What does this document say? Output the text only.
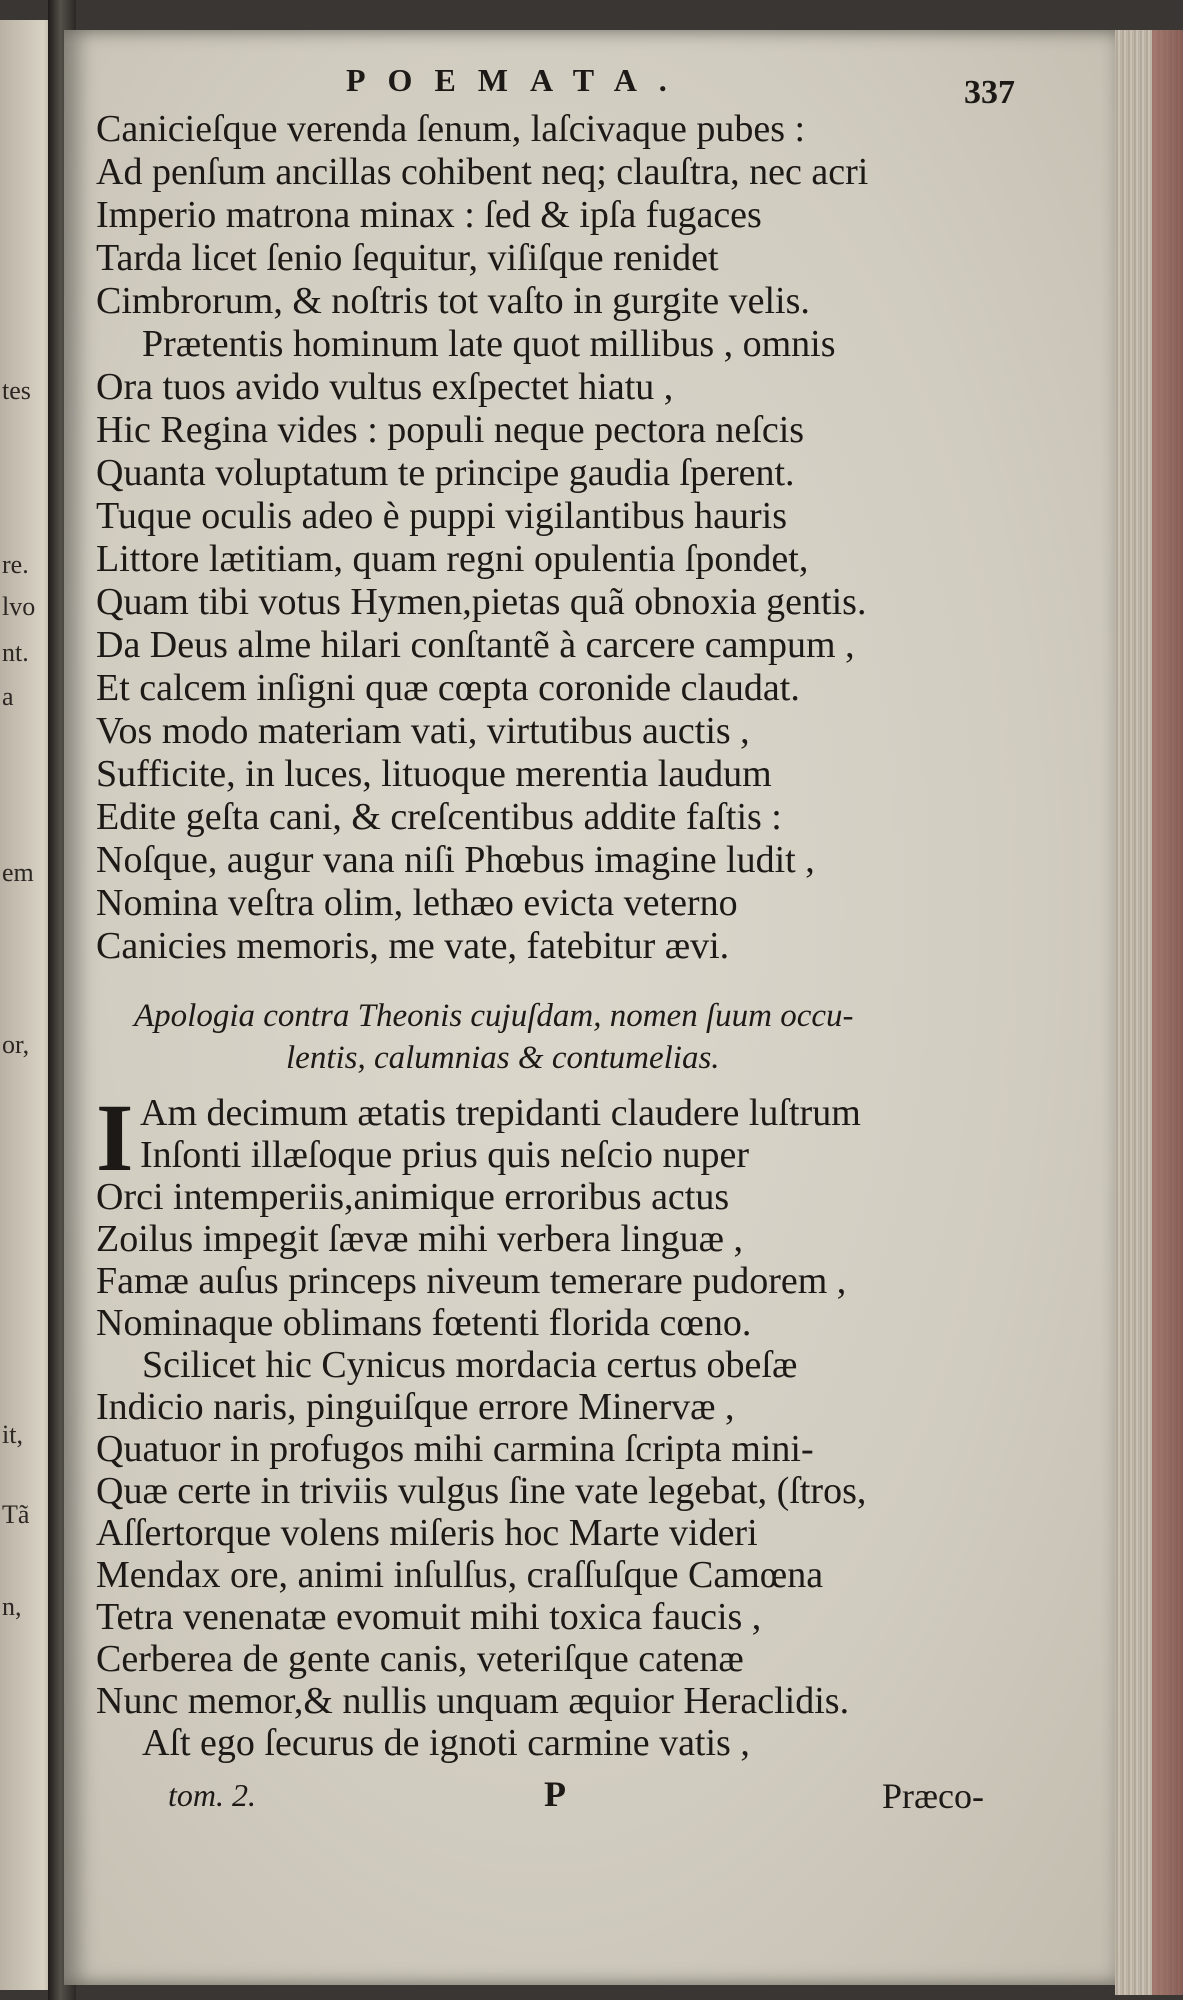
tes
re.
lvo
nt.
a
em
or,
it,
Tã
n,
POEMATA.	337
Canicieſque verenda ſenum, laſcivaque pubes :
Ad penſum ancillas cohibent neq; clauſtra, nec acri
Imperio matrona minax : ſed & ipſa fugaces
Tarda licet ſenio ſequitur, viſiſque renidet
Cimbrorum, & noſtris tot vaſto in gurgite velis.
Prætentis hominum late quot millibus , omnis
Ora tuos avido vultus exſpectet hiatu ,
Hic Regina vides : populi neque pectora neſcis
Quanta voluptatum te principe gaudia ſperent.
Tuque oculis adeo è puppi vigilantibus hauris
Littore lætitiam, quam regni opulentia ſpondet,
Quam tibi votus Hymen,pietas quã obnoxia gentis.
Da Deus alme hilari conſtantẽ à carcere campum ,
Et calcem inſigni quæ cœpta coronide claudat.
Vos modo materiam vati, virtutibus auctis ,
Sufficite, in luces, lituoque merentia laudum
Edite geſta cani, & creſcentibus addite faſtis :
Noſque, augur vana niſi Phœbus imagine ludit ,
Nomina veſtra olim, lethæo evicta veterno
Canicies memoris, me vate, fatebitur ævi.
Apologia contra Theonis cujuſdam, nomen ſuum occu-
lentis, calumnias & contumelias.
I Am decimum ætatis trepidanti claudere luſtrum
Inſonti illæſoque prius quis neſcio nuper
Orci intemperiis,animique erroribus actus
Zoilus impegit ſævæ mihi verbera linguæ ,
Famæ auſus princeps niveum temerare pudorem ,
Nominaque oblimans fœtenti florida cœno.
Scilicet hic Cynicus mordacia certus obeſæ
Indicio naris, pinguiſque errore Minervæ ,
Quatuor in profugos mihi carmina ſcripta mini-
Quæ certe in triviis vulgus ſine vate legebat, (ſtros,
Aſſertorque volens miſeris hoc Marte videri
Mendax ore, animi inſulſus, craſſuſque Camœna
Tetra venenatæ evomuit mihi toxica faucis ,
Cerberea de gente canis, veteriſque catenæ
Nunc memor,& nullis unquam æquior Heraclidis.
Aſt ego ſecurus de ignoti carmine vatis ,
tom. 2.	P	Præco-
